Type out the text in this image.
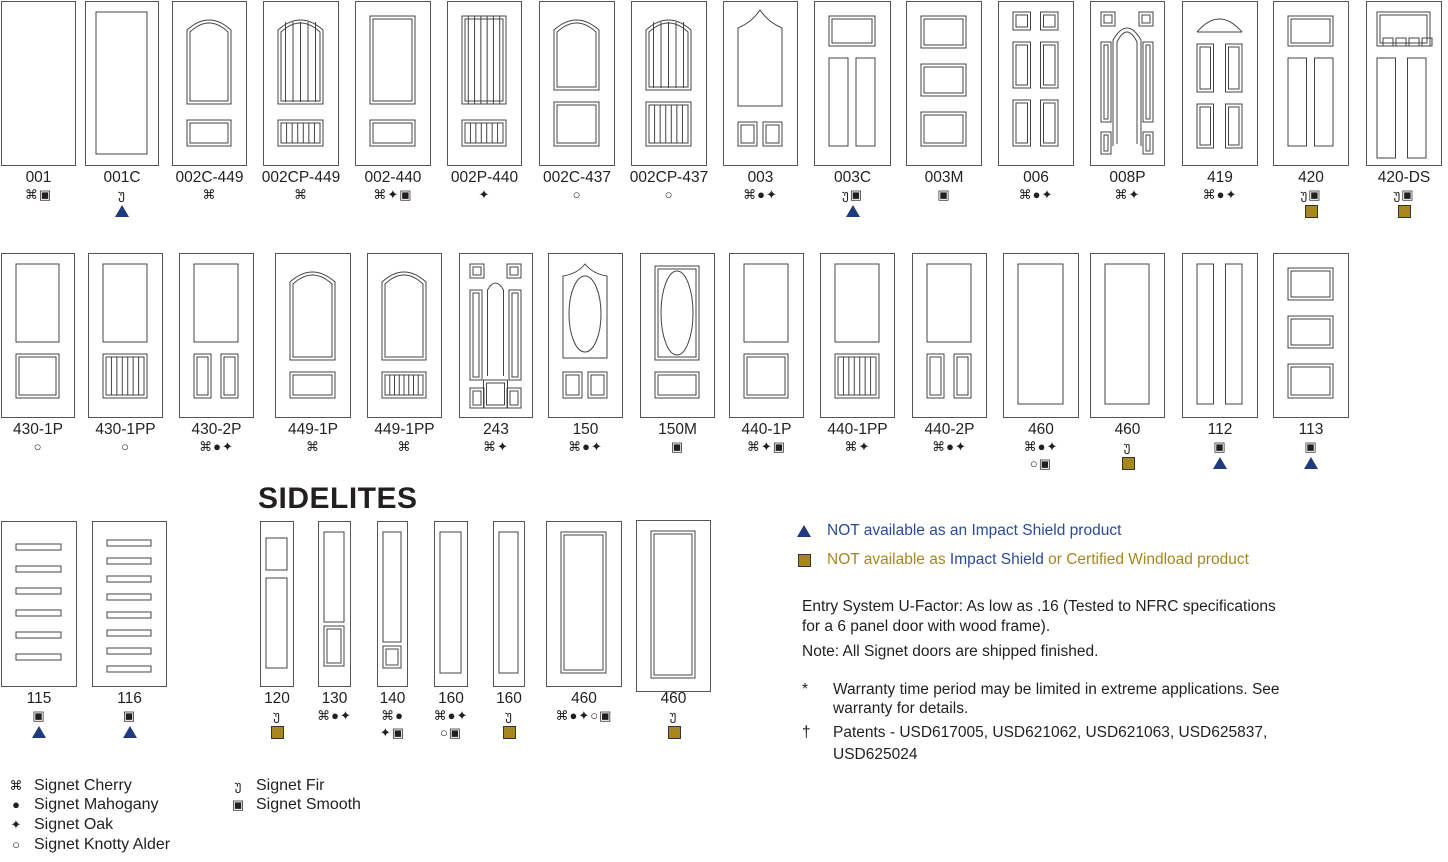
001
⌘▣
001C
უ
002C-449
⌘
002CP-449
⌘
002-440
⌘✦▣
002P-440
✦
002C-437
○
002CP-437
○
003
⌘●✦
003C
უ▣
003M
▣
006
⌘●✦
008P
⌘✦
419
⌘●✦
420
უ▣
420-DS
უ▣
430-1P
○
430-1PP
○
430-2P
⌘●✦
449-1P
⌘
449-1PP
⌘
243
⌘✦
150
⌘●✦
150M
▣
440-1P
⌘✦▣
440-1PP
⌘✦
440-2P
⌘●✦
460
⌘●✦
○▣
460
უ
112
▣
113
▣
115
▣
116
▣
120
უ
130
⌘●✦
140
⌘●
✦▣
160
⌘●✦
○▣
160
უ
460
⌘●✦○▣
460
უ
SIDELITES
NOT available as an Impact Shield product
NOT available as Impact Shield or Certified Windload product
Entry System U-Factor: As low as .16 (Tested to NFRC specifications
for a 6 panel door with wood frame).
Note: All Signet doors are shipped finished.
* Warranty time period may be limited in extreme applications. See
warranty for details.
† Patents - USD617005, USD621062, USD621063, USD625837,
USD625024
⌘ Signet Cherry
● Signet Mahogany
✦ Signet Oak
○ Signet Knotty Alder
უ Signet Fir
▣ Signet Smooth
